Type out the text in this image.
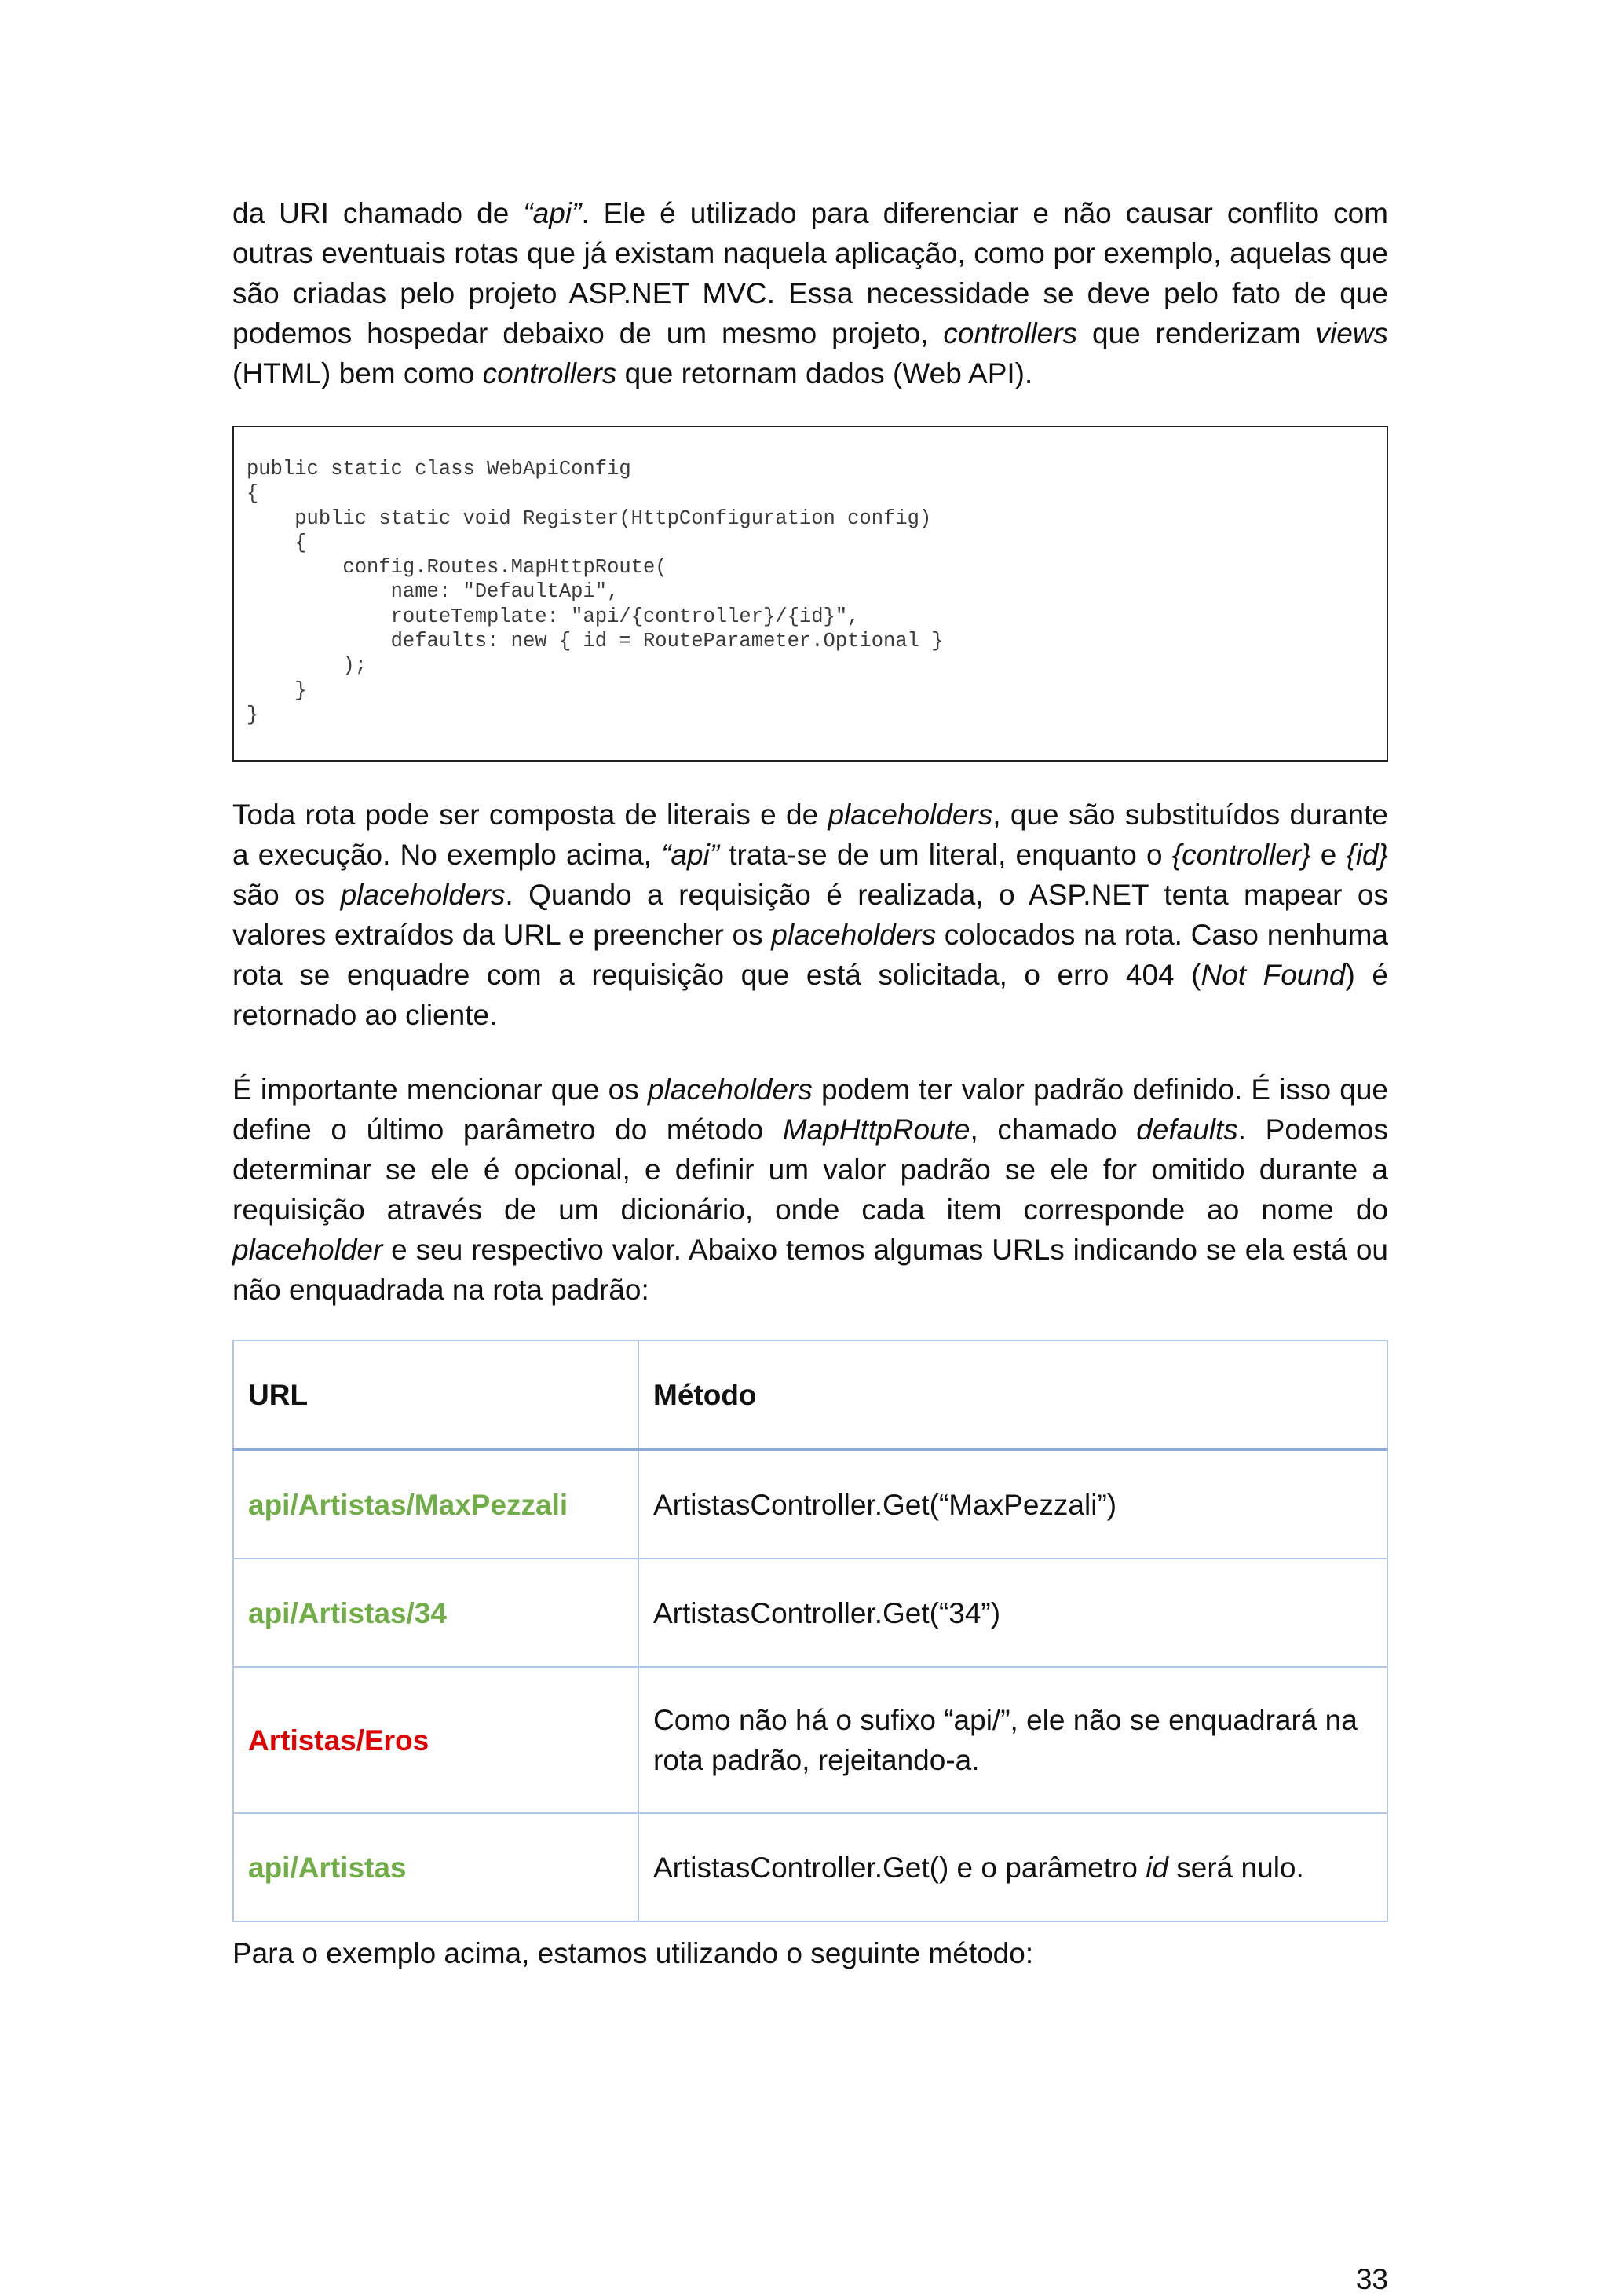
da URI chamado de “api”. Ele é utilizado para diferenciar e não causar conflito com outras eventuais rotas que já existam naquela aplicação, como por exemplo, aquelas que são criadas pelo projeto ASP.NET MVC. Essa necessidade se deve pelo fato de que podemos hospedar debaixo de um mesmo projeto, controllers que renderizam views (HTML) bem como controllers que retornam dados (Web API).

public static class WebApiConfig
{
public static void Register(HttpConfiguration config)
{
config.Routes.MapHttpRoute(
name: "DefaultApi",
routeTemplate: "api/{controller}/{id}",
defaults: new { id = RouteParameter.Optional }
);
}
}

Toda rota pode ser composta de literais e de placeholders, que são substituídos durante a execução. No exemplo acima, “api” trata-se de um literal, enquanto o {controller} e {id} são os placeholders. Quando a requisição é realizada, o ASP.NET tenta mapear os valores extraídos da URL e preencher os placeholders colocados na rota. Caso nenhuma rota se enquadre com a requisição que está solicitada, o erro 404 (Not Found) é retornado ao cliente.

É importante mencionar que os placeholders podem ter valor padrão definido. É isso que define o último parâmetro do método MapHttpRoute, chamado defaults. Podemos determinar se ele é opcional, e definir um valor padrão se ele for omitido durante a requisição através de um dicionário, onde cada item corresponde ao nome do placeholder e seu respectivo valor. Abaixo temos algumas URLs indicando se ela está ou não enquadrada na rota padrão:

URL	Método
api/Artistas/MaxPezzali	ArtistasController.Get(“MaxPezzali”)
api/Artistas/34	ArtistasController.Get(“34”)
Artistas/Eros	Como não há o sufixo “api/”, ele não se enquadrará na rota padrão, rejeitando-a.
api/Artistas	ArtistasController.Get() e o parâmetro id será nulo.

Para o exemplo acima, estamos utilizando o seguinte método:

33
